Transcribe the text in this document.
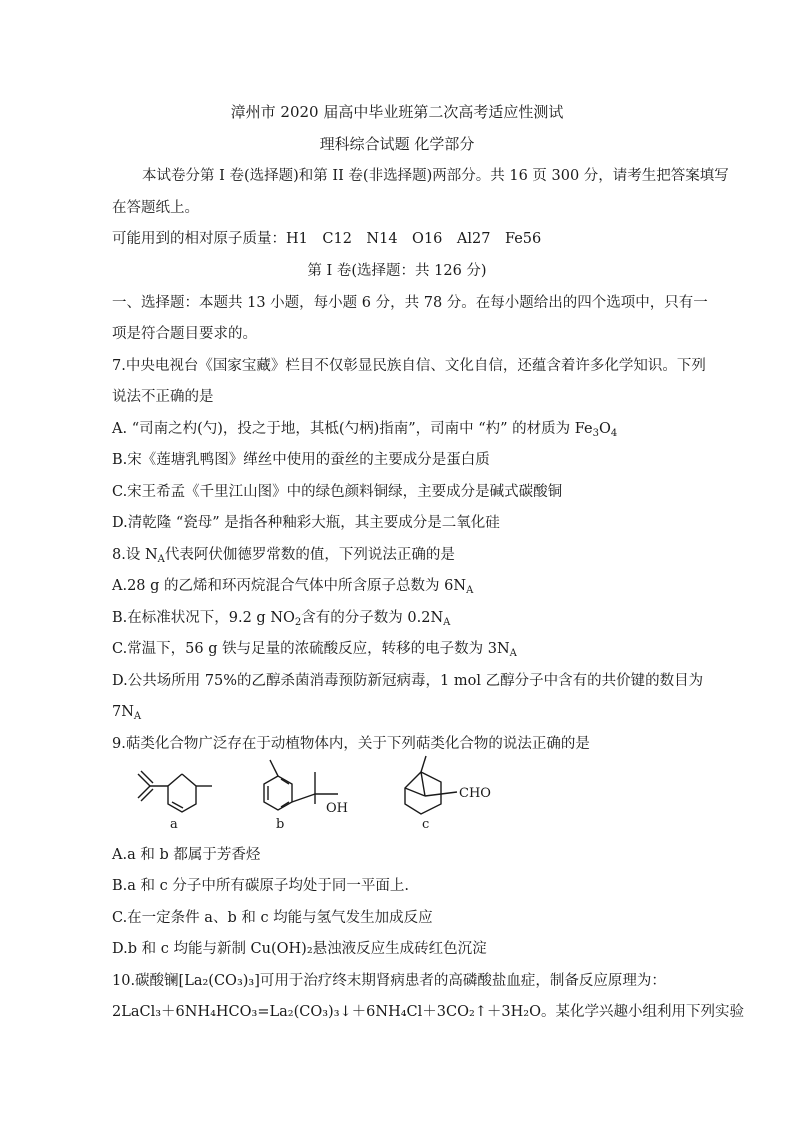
漳州市 2020 届高中毕业班第二次高考适应性测试
理科综合试题 化学部分
本试卷分第 I 卷(选择题)和第 II 卷(非选择题)两部分。共 16 页 300 分，请考生把答案填写
在答题纸上。
可能用到的相对原子质量：H1　C12　N14　O16　Al27　Fe56
第 I 卷(选择题：共 126 分)
一、选择题：本题共 13 小题，每小题 6 分，共 78 分。在每小题给出的四个选项中，只有一
项是符合题目要求的。
7.中央电视台《国家宝藏》栏目不仅彰显民族自信、文化自信，还蕴含着许多化学知识。下列
说法不正确的是
A. “司南之杓(勺)，投之于地，其柢(勺柄)指南”，司南中 “杓” 的材质为 $Fe_3O_4$
B.宋《莲塘乳鸭图》缂丝中使用的蚕丝的主要成分是蛋白质
C.宋王希孟《千里江山图》中的绿色颜料铜绿，主要成分是碱式碳酸铜
D.清乾隆 “瓷母” 是指各种釉彩大瓶，其主要成分是二氧化硅
8.设 $N_A$代表阿伏伽德罗常数的值，下列说法正确的是
A.28 g 的乙烯和环丙烷混合气体中所含原子总数为 $6N_A$
B.在标准状况下，9.2 g $NO_2$含有的分子数为 $0.2N_A$
C.常温下，56 g 铁与足量的浓硫酸反应，转移的电子数为 $3N_A$
D.公共场所用 75%的乙醇杀菌消毒预防新冠病毒，1 mol 乙醇分子中含有的共价键的数目为
$7N_A$
9.萜类化合物广泛存在于动植物体内，关于下列萜类化合物的说法正确的是
OH
CHO
a	b	c
A.a 和 b 都属于芳香烃
B.a 和 c 分子中所有碳原子均处于同一平面上.
C.在一定条件 a、b 和 c 均能与氢气发生加成反应
D.b 和 c 均能与新制 Cu(OH)₂悬浊液反应生成砖红色沉淀
10.碳酸镧[La₂(CO₃)₃]可用于治疗终末期肾病患者的高磷酸盐血症，制备反应原理为：
2LaCl₃＋6NH₄HCO₃=La₂(CO₃)₃↓＋6NH₄Cl＋3CO₂↑＋3H₂O。某化学兴趣小组利用下列实验
